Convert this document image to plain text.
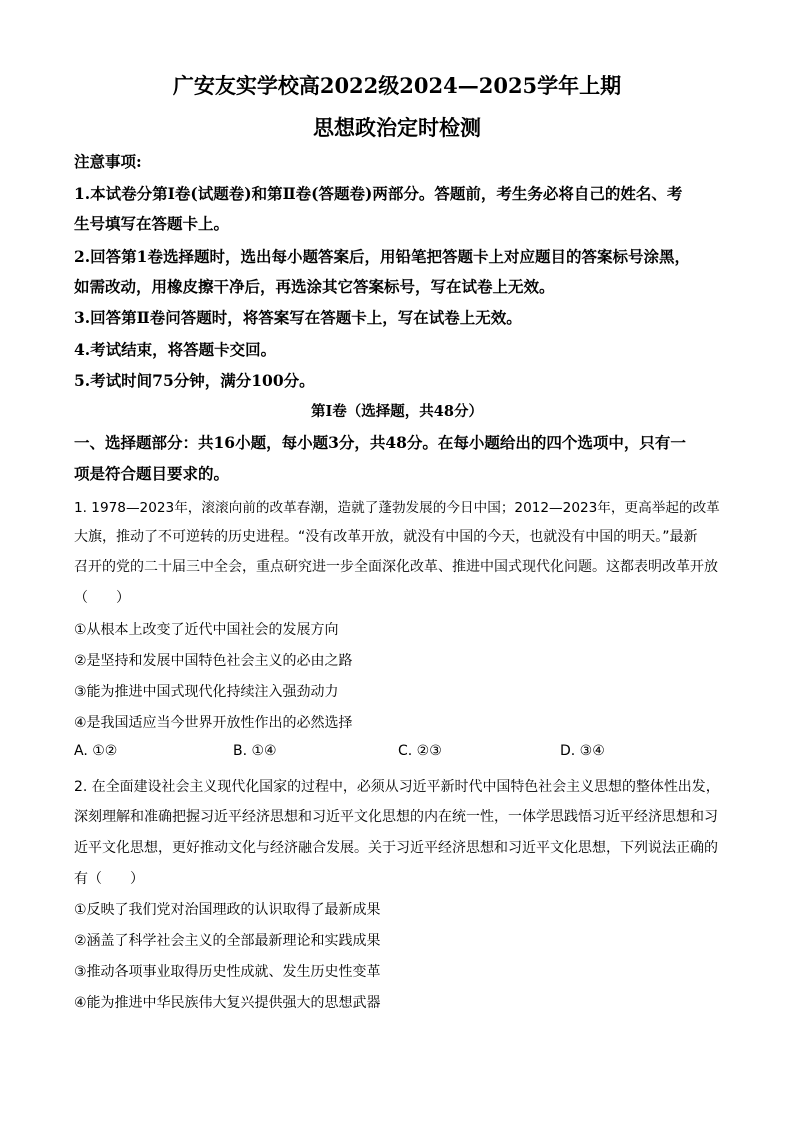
广安友实学校高2022级2024—2025学年上期
思想政治定时检测
注意事项:
1.本试卷分第Ⅰ卷(试题卷)和第Ⅱ卷(答题卷)两部分。答题前，考生务必将自己的姓名、考
生号填写在答题卡上。
2.回答第1卷选择题时，选出每小题答案后，用铅笔把答题卡上对应题目的答案标号涂黑，
如需改动，用橡皮擦干净后，再选涂其它答案标号，写在试卷上无效。
3.回答第Ⅱ卷问答题时，将答案写在答题卡上，写在试卷上无效。
4.考试结束，将答题卡交回。
5.考试时间75分钟，满分100分。
第Ⅰ卷（选择题，共48分）
一、选择题部分：共16小题，每小题3分，共48分。在每小题给出的四个选项中，只有一
项是符合题目要求的。
1. 1978—2023年，滚滚向前的改革春潮，造就了蓬勃发展的今日中国；2012—2023年，更高举起的改革
大旗，推动了不可逆转的历史进程。“没有改革开放，就没有中国的今天，也就没有中国的明天。”最新
召开的党的二十届三中全会，重点研究进一步全面深化改革、推进中国式现代化问题。这都表明改革开放
（　　）
①从根本上改变了近代中国社会的发展方向
②是坚持和发展中国特色社会主义的必由之路
③能为推进中国式现代化持续注入强劲动力
④是我国适应当今世界开放性作出的必然选择
A. ①②	B. ①④	C. ②③	D. ③④
2. 在全面建设社会主义现代化国家的过程中，必须从习近平新时代中国特色社会主义思想的整体性出发，
深刻理解和准确把握习近平经济思想和习近平文化思想的内在统一性，一体学思践悟习近平经济思想和习
近平文化思想，更好推动文化与经济融合发展。关于习近平经济思想和习近平文化思想，下列说法正确的
有（　　）
①反映了我们党对治国理政的认识取得了最新成果
②涵盖了科学社会主义的全部最新理论和实践成果
③推动各项事业取得历史性成就、发生历史性变革
④能为推进中华民族伟大复兴提供强大的思想武器
